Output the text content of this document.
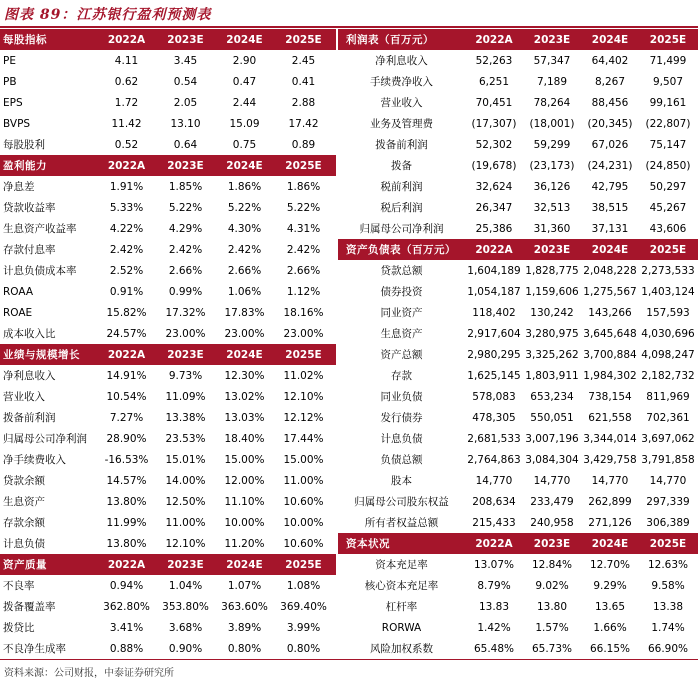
图表 89：江苏银行盈利预测表
每股指标	2022A	2023E	2024E	2025E
PE	4.11	3.45	2.90	2.45
PB	0.62	0.54	0.47	0.41
EPS	1.72	2.05	2.44	2.88
BVPS	11.42	13.10	15.09	17.42
每股股利	0.52	0.64	0.75	0.89
盈利能力	2022A	2023E	2024E	2025E
净息差	1.91%	1.85%	1.86%	1.86%
贷款收益率	5.33%	5.22%	5.22%	5.22%
生息资产收益率	4.22%	4.29%	4.30%	4.31%
存款付息率	2.42%	2.42%	2.42%	2.42%
计息负债成本率	2.52%	2.66%	2.66%	2.66%
ROAA	0.91%	0.99%	1.06%	1.12%
ROAE	15.82%	17.32%	17.83%	18.16%
成本收入比	24.57%	23.00%	23.00%	23.00%
业绩与规模增长	2022A	2023E	2024E	2025E
净利息收入	14.91%	9.73%	12.30%	11.02%
营业收入	10.54%	11.09%	13.02%	12.10%
拨备前利润	7.27%	13.38%	13.03%	12.12%
归属母公司净利润	28.90%	23.53%	18.40%	17.44%
净手续费收入	-16.53%	15.01%	15.00%	15.00%
贷款余额	14.57%	14.00%	12.00%	11.00%
生息资产	13.80%	12.50%	11.10%	10.60%
存款余额	11.99%	11.00%	10.00%	10.00%
计息负债	13.80%	12.10%	11.20%	10.60%
资产质量	2022A	2023E	2024E	2025E
不良率	0.94%	1.04%	1.07%	1.08%
拨备覆盖率	362.80%	353.80%	363.60%	369.40%
拨贷比	3.41%	3.68%	3.89%	3.99%
不良净生成率	0.88%	0.90%	0.80%	0.80%
利润表（百万元）	2022A	2023E	2024E	2025E
净利息收入	52,263	57,347	64,402	71,499
手续费净收入	6,251	7,189	8,267	9,507
营业收入	70,451	78,264	88,456	99,161
业务及管理费	(17,307)	(18,001)	(20,345)	(22,807)
拨备前利润	52,302	59,299	67,026	75,147
拨备	(19,678)	(23,173)	(24,231)	(24,850)
税前利润	32,624	36,126	42,795	50,297
税后利润	26,347	32,513	38,515	45,267
归属母公司净利润	25,386	31,360	37,131	43,606
资产负债表（百万元）	2022A	2023E	2024E	2025E
贷款总额	1,604,189 1,828,775 2,048,228 2,273,533
债券投资	1,054,187 1,159,606 1,275,567 1,403,124
同业资产	118,402	130,242	143,266	157,593
生息资产	2,917,604 3,280,975 3,645,648 4,030,696
资产总额	2,980,295 3,325,262 3,700,884 4,098,247
存款	1,625,145 1,803,911 1,984,302 2,182,732
同业负债	578,083	653,234	738,154	811,969
发行债券	478,305	550,051	621,558	702,361
计息负债	2,681,533 3,007,196 3,344,014 3,697,062
负债总额	2,764,863 3,084,304 3,429,758 3,791,858
股本	14,770	14,770	14,770	14,770
归属母公司股东权益	208,634	233,479	262,899	297,339
所有者权益总额	215,433	240,958	271,126	306,389
资本状况	2022A	2023E	2024E	2025E
资本充足率	13.07%	12.84%	12.70%	12.63%
核心资本充足率	8.79%	9.02%	9.29%	9.58%
杠杆率	13.83	13.80	13.65	13.38
RORWA	1.42%	1.57%	1.66%	1.74%
风险加权系数	65.48%	65.73%	66.15%	66.90%
资料来源：公司财报，中泰证券研究所
